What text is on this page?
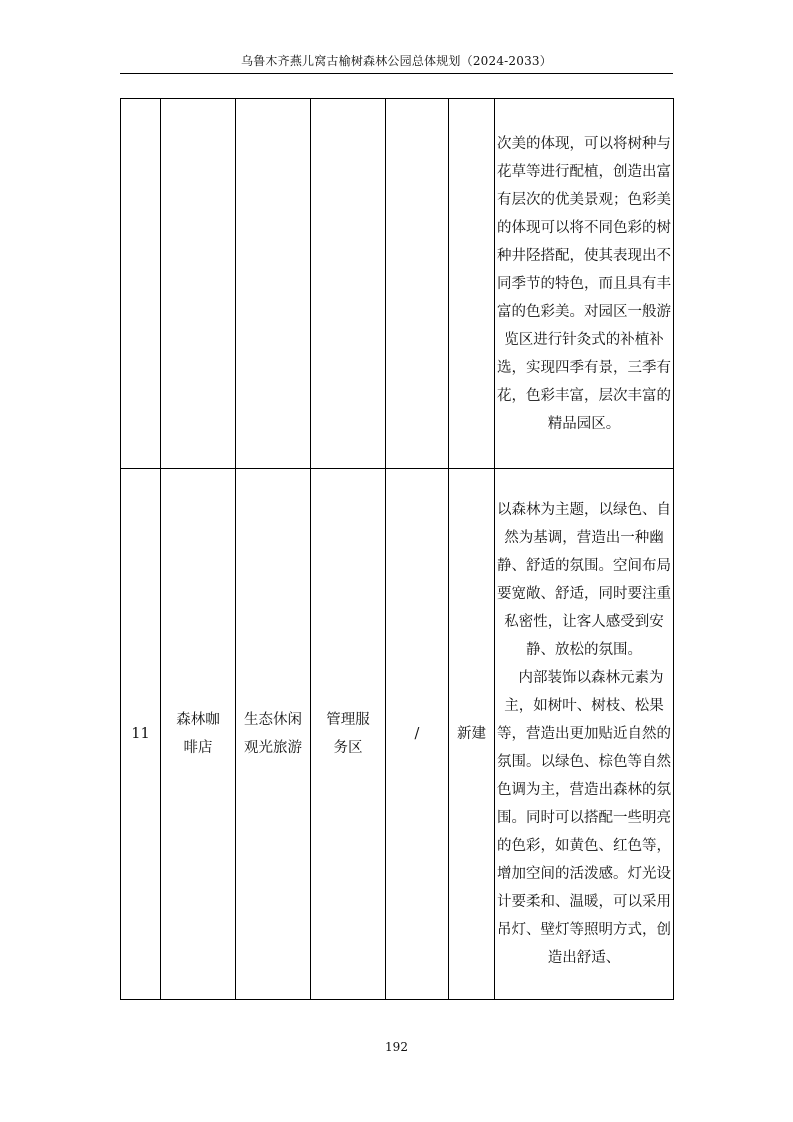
乌鲁木齐燕儿窝古榆树森林公园总体规划（2024-2033）

						次美的体现，可以将树种与花草等进行配植，创造出富有层次的优美景观；色彩美的体现可以将不同色彩的树种井陉搭配，使其表现出不同季节的特色，而且具有丰富的色彩美。对园区一般游览区进行针灸式的补植补选，实现四季有景，三季有花，色彩丰富，层次丰富的精品园区。

11	森林咖啡店	生态休闲观光旅游	管理服务区	/	新建	以森林为主题，以绿色、自然为基调，营造出一种幽静、舒适的氛围。空间布局要宽敞、舒适，同时要注重私密性，让客人感受到安静、放松的氛围。

内部装饰以森林元素为主，如树叶、树枝、松果等，营造出更加贴近自然的氛围。以绿色、棕色等自然色调为主，营造出森林的氛围。同时可以搭配一些明亮的色彩，如黄色、红色等，增加空间的活泼感。灯光设计要柔和、温暖，可以采用吊灯、壁灯等照明方式，创造出舒适、

192
